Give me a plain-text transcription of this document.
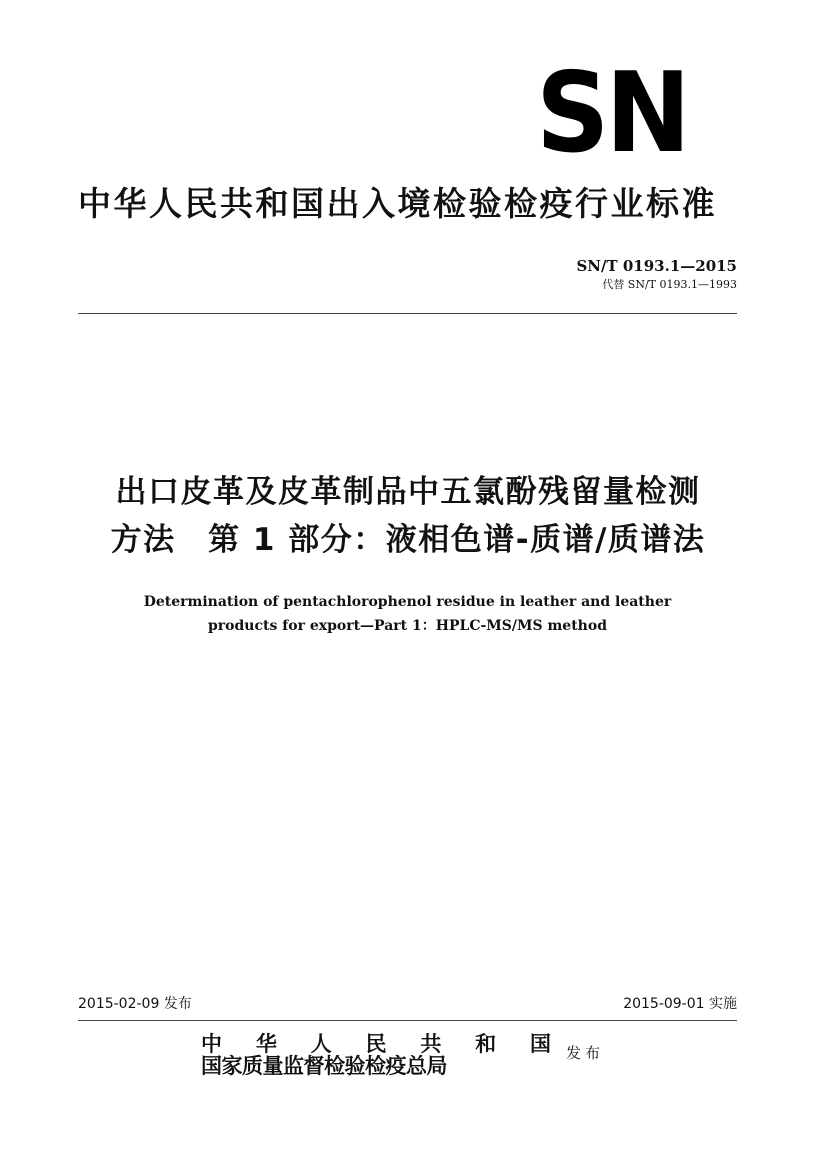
SN
中华人民共和国出入境检验检疫行业标准
SN/T 0193.1—2015
代替 SN/T 0193.1—1993
出口皮革及皮革制品中五氯酚残留量检测
方法　第 1 部分：液相色谱-质谱/质谱法
Determination of pentachlorophenol residue in leather and leather
products for export—Part 1：HPLC-MS/MS method
2015-02-09 发布	2015-09-01 实施
中 华 人 民 共 和 国
国家质量监督检验检疫总局	发布
